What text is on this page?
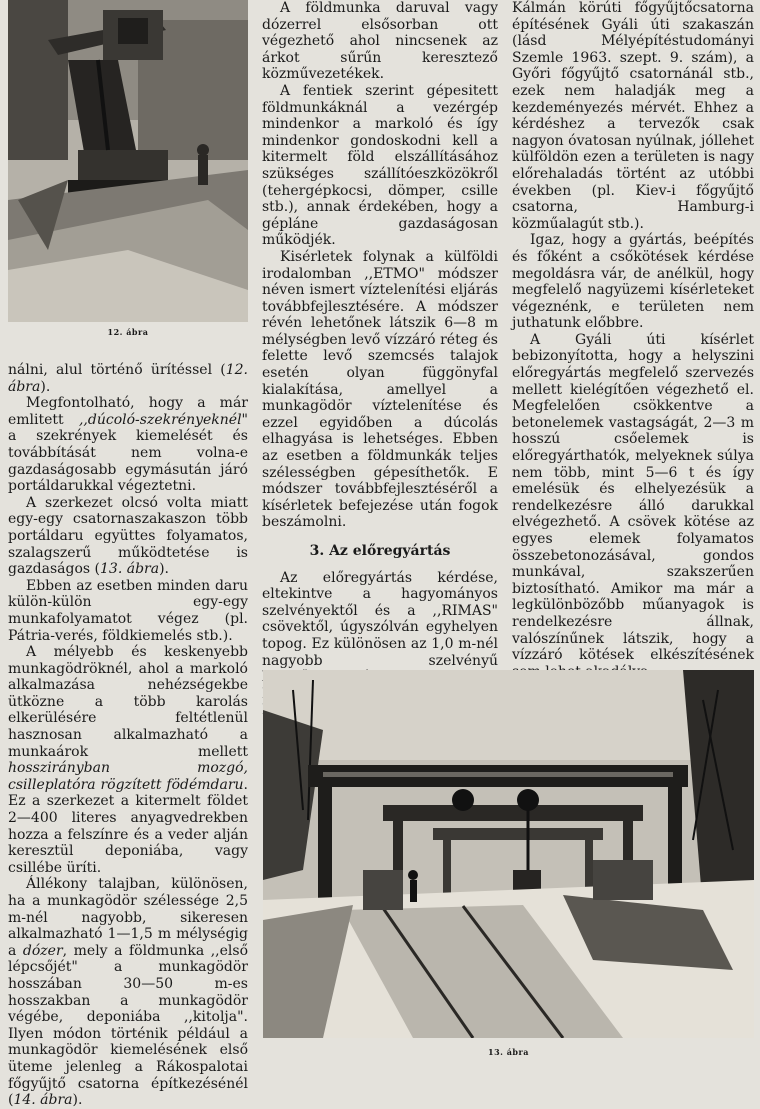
12. ábra

nálni, alul történő ürítéssel (12. ábra).

Megfontolható, hogy a már emlitett ,,dúcoló-szekrényeknél" a szekrények kiemelését és továbbítását nem volna-e gazdaságosabb egymásután járó portáldarukkal végeztetni.

A szerkezet olcsó volta miatt egy-egy csatornaszakaszon több portáldaru együttes folyamatos, szalagszerű működtetése is gazdaságos (13. ábra).

Ebben az esetben minden daru külön-külön egy-egy munkafolyamatot végez (pl. Pátria-verés, földkiemelés stb.).

A mélyebb és keskenyebb munkagödröknél, ahol a markoló alkalmazása nehézségekbe ütközne a több karolás elkerülésére feltétlenül hasznosan alkalmazható a munkaárok mellett hosszirányban mozgó, csilleplatóra rögzített födémdaru. Ez a szerkezet a kitermelt földet 2—400 literes anyagvedrekben hozza a felszínre és a veder alján keresztül deponiába, vagy csillébe üríti.

Állékony talajban, különösen, ha a munkagödör szélessége 2,5 m-nél nagyobb, sikeresen alkalmazható 1—1,5 m mélységig a dózer, mely a földmunka ,,első lépcsőjét" a munkagödör hosszában 30—50 m-es hosszakban a munkagödör végébe, deponiába ,,kitolja". Ilyen módon történik például a munkagödör kiemelésének első üteme jelenleg a Rákospalotai főgyűjtő csatorna építkezésénél (14. ábra).

A földmunka daruval vagy dózerrel elsősorban ott végezhető ahol nincsenek az árkot sűrűn keresztező közművezetékek.

A fentiek szerint gépesitett földmunkáknál a vezérgép mindenkor a markoló és így mindenkor gondoskodni kell a kitermelt föld elszállításához szükséges szállítóeszközökről (tehergépkocsi, dömper, csille stb.), annak érdekében, hogy a gépláne gazdaságosan működjék.

Kisérletek folynak a külföldi irodalomban ,,ETMO" módszer néven ismert víztelenítési eljárás továbbfejlesztésére. A módszer révén lehetőnek látszik 6—8 m mélységben levő vízzáró réteg és felette levő szemcsés talajok esetén olyan függönyfal kialakítása, amellyel a munkagödör víztelenítése és ezzel egyidőben a dúcolás elhagyása is lehetséges. Ebben az esetben a földmunkák teljes szélességben gépesíthetők. E módszer továbbfejlesztéséről a kísérletek befejezése után fogok beszámolni.

3. Az előregyártás

Az előregyártás kérdése, eltekintve a hagyományos szelvényektől és a ,,RIMAS" csövektől, úgyszólván egyhelyen topog. Ez különösen az 1,0 m-nél nagyobb szelvényű

Kálmán körúti főgyűjtőcsatorna építésének Gyáli úti szakaszán (lásd Mélyépítéstudományi Szemle 1963. szept. 9. szám), a Győri főgyűjtő csatornánál stb., ezek nem haladják meg a kezdeményezés mérvét. Ehhez a kérdéshez a tervezők csak nagyon óvatosan nyúlnak, jóllehet külföldön ezen a területen is nagy előrehaladás történt az utóbbi években (pl. Kiev-i főgyűjtő csatorna, Hamburg-i közműalagút stb.).

Igaz, hogy a gyártás, beépítés és főként a csőkötések kérdése megoldásra vár, de anélkül, hogy megfelelő nagyüzemi kísérleteket végeznénk, e területen nem juthatunk előbbre.

A Gyáli úti kísérlet bebizonyította, hogy a helyszini előregyártás megfelelő szervezés mellett kielégítően végezhető el. Megfelelően csökkentve a betonelemek vastagságát, 2—3 m hosszú csőelemek is előregyárthatók, melyeknek súlya nem több, mint 5—6 t és így emelésük és elhelyezésük a rendelkezésre álló darukkal elvégezhető. A csövek kötése az egyes elemek folyamatos összebetonozásával, gondos munkával, szakszerűen biztosítható. Amikor ma már a legkülönbözőbb műanyagok is rendelkezésre állnak, valószínűnek látszik, hogy a vízzáró kötések elkészítésének

13. ábra
